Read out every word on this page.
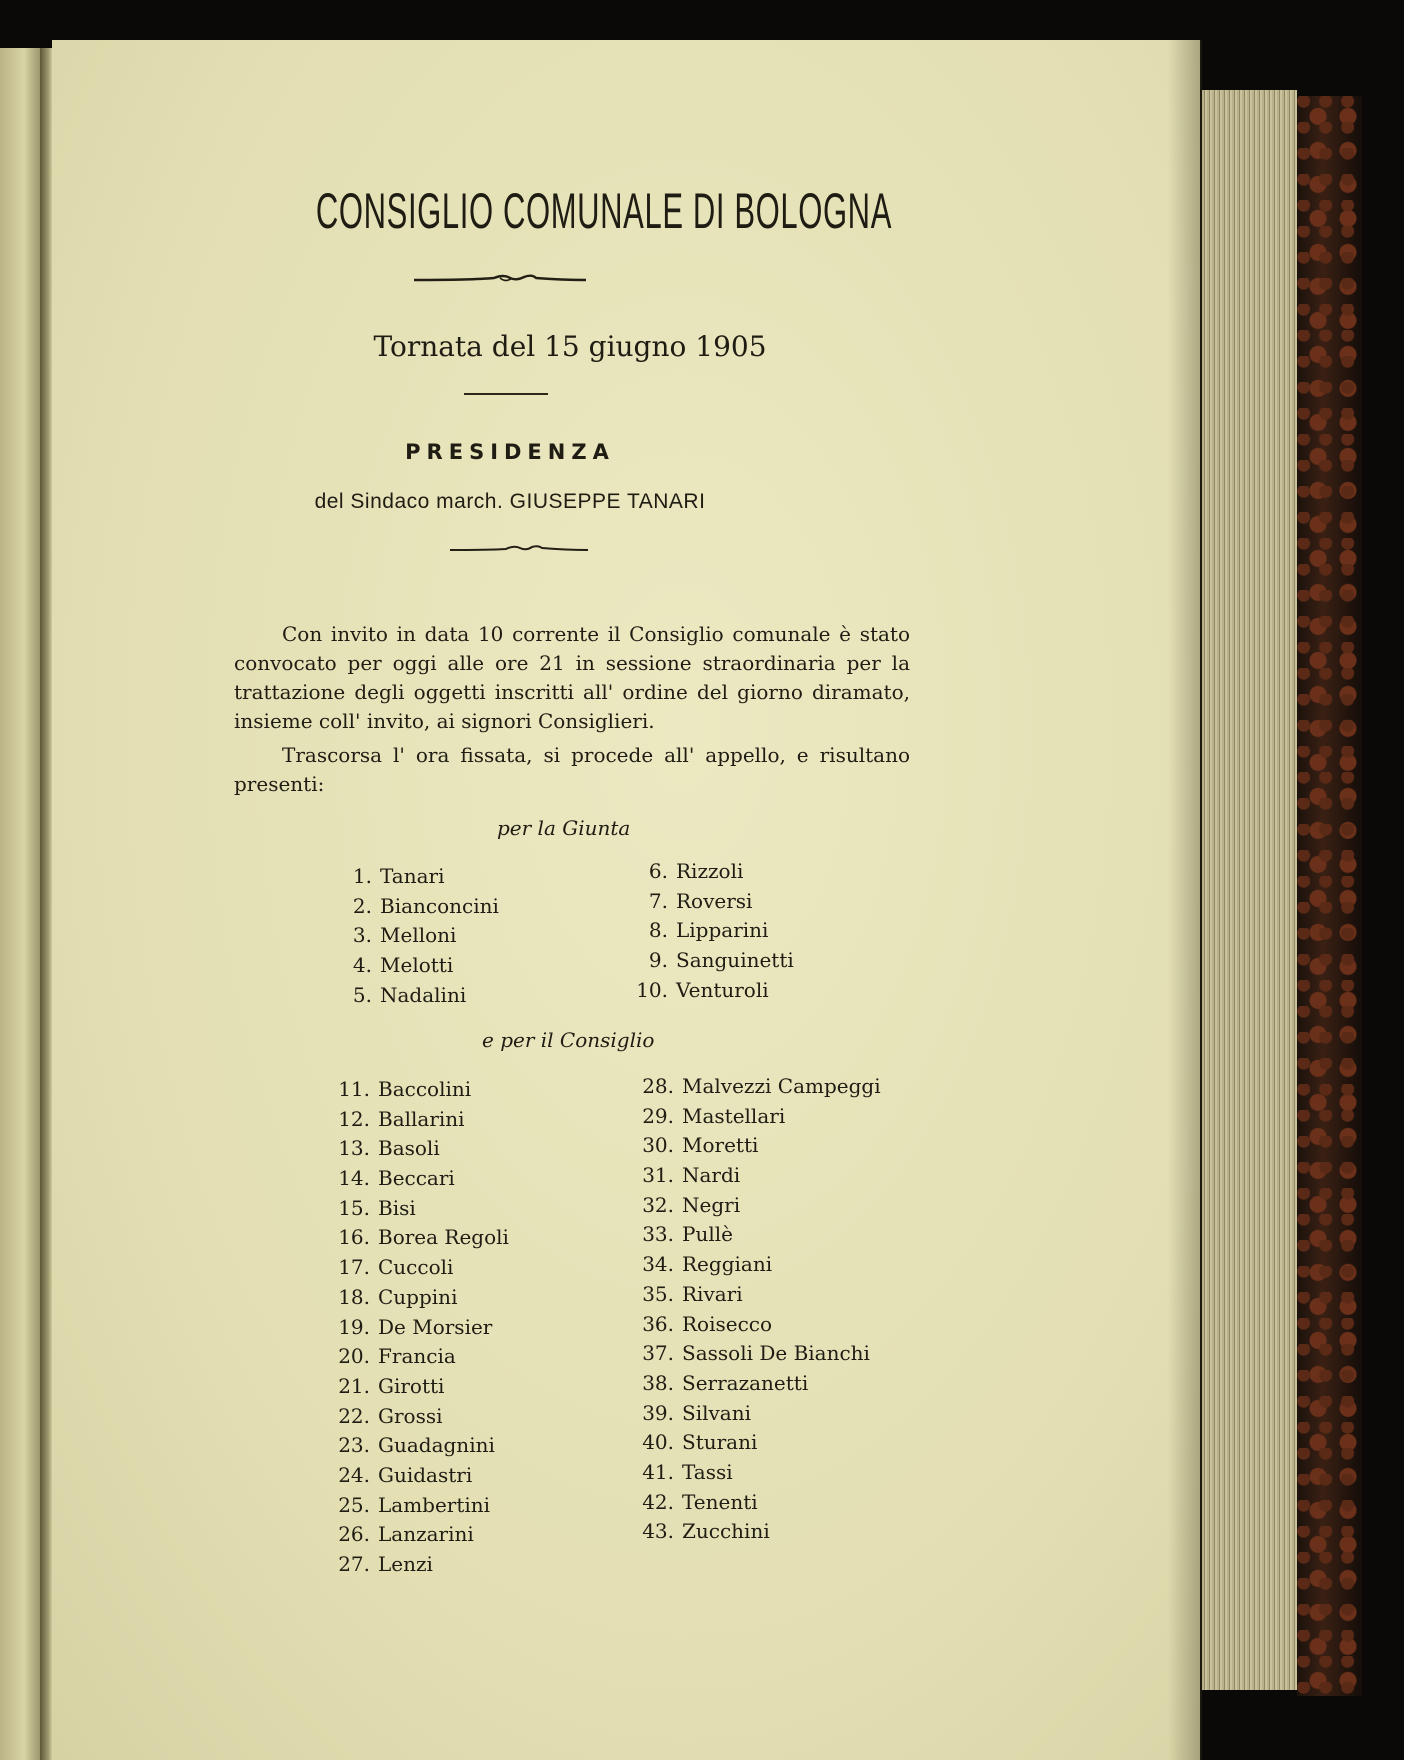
CONSIGLIO COMUNALE DI BOLOGNA
Tornata del 15 giugno 1905
PRESIDENZA
del Sindaco march. GIUSEPPE TANARI
Con invito in data 10 corrente il Consiglio comunale è stato convocato per oggi alle ore 21 in sessione straordinaria per la trattazione degli oggetti inscritti all' ordine del giorno diramato, insieme coll' invito, ai signori Consiglieri.
Trascorsa l' ora fissata, si procede all' appello, e risultano presenti:
per la Giunta
1. Tanari
2. Bianconcini
3. Melloni
4. Melotti
5. Nadalini
6. Rizzoli
7. Roversi
8. Lipparini
9. Sanguinetti
10. Venturoli
e per il Consiglio
11. Baccolini
12. Ballarini
13. Basoli
14. Beccari
15. Bisi
16. Borea Regoli
17. Cuccoli
18. Cuppini
19. De Morsier
20. Francia
21. Girotti
22. Grossi
23. Guadagnini
24. Guidastri
25. Lambertini
26. Lanzarini
27. Lenzi
28. Malvezzi Campeggi
29. Mastellari
30. Moretti
31. Nardi
32. Negri
33. Pullè
34. Reggiani
35. Rivari
36. Roisecco
37. Sassoli De Bianchi
38. Serrazanetti
39. Silvani
40. Sturani
41. Tassi
42. Tenenti
43. Zucchini
